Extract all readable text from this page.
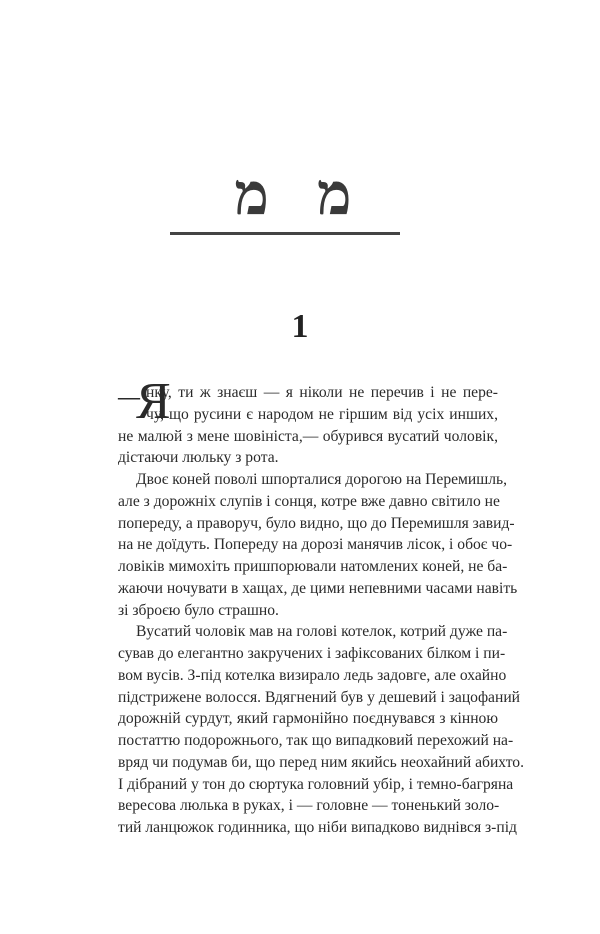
מ מ
1
—
Я
нку, ти ж знаєш — я ніколи не перечив і не пере-
чу, що русини є народом не гіршим від усіх инших,
не малюй з мене шовініста,— обурився вусатий чоловік,
дістаючи люльку з рота.
Двоє коней поволі шпорталися дорогою на Перемишль,
але з дорожніх слупів і сонця, котре вже давно світило не
попереду, а праворуч, було видно, що до Перемишля завид-
на не доїдуть. Попереду на дорозі манячив лісок, і обоє чо-
ловіків мимохіть пришпорювали натомлених коней, не ба-
жаючи ночувати в хащах, де цими непевними часами навіть
зі зброєю було страшно.
Вусатий чоловік мав на голові котелок, котрий дуже па-
сував до елегантно закручених і зафіксованих білком і пи-
вом вусів. З-під котелка визирало ледь задовге, але охайно
підстрижене волосся. Вдягнений був у дешевий і зацофаний
дорожній сурдут, який гармонійно поєднувався з кінною
постаттю подорожнього, так що випадковий перехожий на-
вряд чи подумав би, що перед ним якийсь неохайний абихто.
І дібраний у тон до сюртука головний убір, і темно-багряна
вересова люлька в руках, і — головне — тоненький золо-
тий ланцюжок годинника, що ніби випадково виднівся з-під
